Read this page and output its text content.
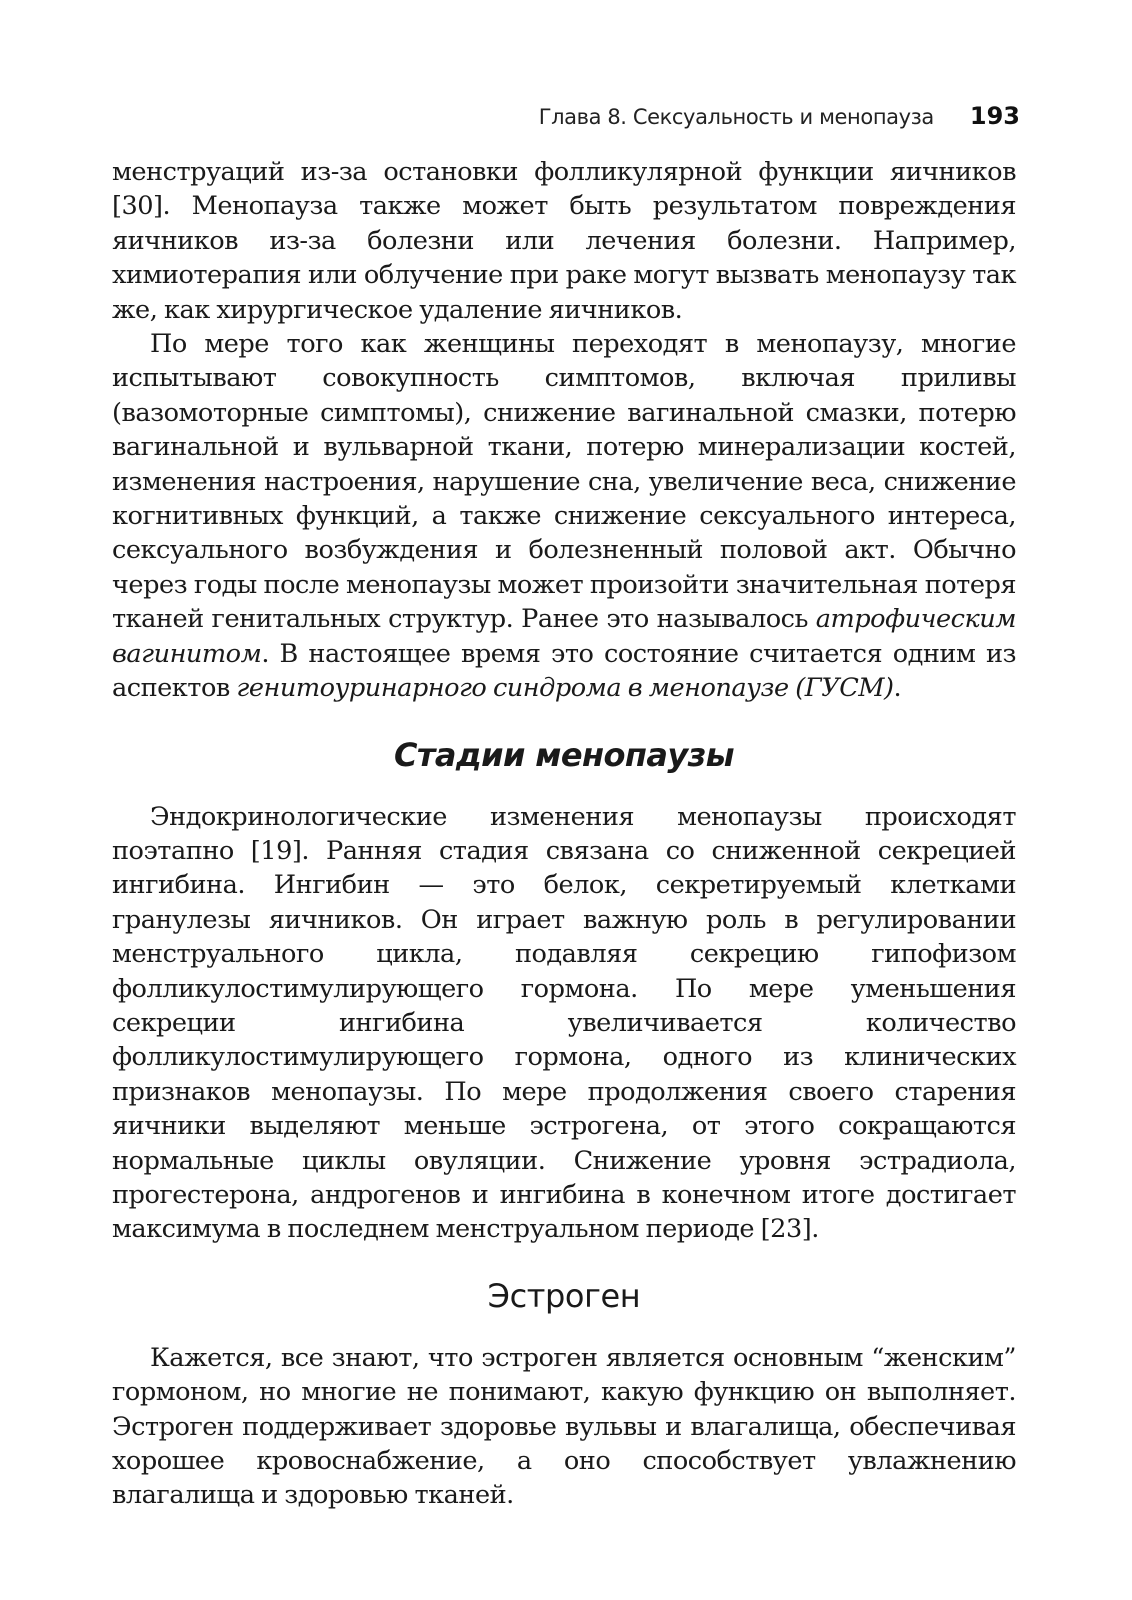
Глава 8. Сексуальность и менопауза 193

менструаций из-за остановки фолликулярной функции яичников [30]. Менопауза также может быть результатом повреждения яичников из-за болезни или лечения болезни. Например, химиотерапия или облучение при раке могут вызвать менопаузу так же, как хирургическое удаление яичников.

По мере того как женщины переходят в менопаузу, многие испытывают совокупность симптомов, включая приливы (вазомоторные симптомы), снижение вагинальной смазки, потерю вагинальной и вульварной ткани, потерю минерализации костей, изменения настроения, нарушение сна, увеличение веса, снижение когнитивных функций, а также снижение сексуального интереса, сексуального возбуждения и болезненный половой акт. Обычно через годы после менопаузы может произойти значительная потеря тканей генитальных структур. Ранее это называлось атрофическим вагинитом. В настоящее время это состояние считается одним из аспектов генитоуринарного синдрома в менопаузе (ГУСМ).

Стадии менопаузы

Эндокринологические изменения менопаузы происходят поэтапно [19]. Ранняя стадия связана со сниженной секрецией ингибина. Ингибин — это белок, секретируемый клетками гранулезы яичников. Он играет важную роль в регулировании менструального цикла, подавляя секрецию гипофизом фолликулостимулирующего гормона. По мере уменьшения секреции ингибина увеличивается количество фолликулостимулирующего гормона, одного из клинических признаков менопаузы. По мере продолжения своего старения яичники выделяют меньше эстрогена, от этого сокращаются нормальные циклы овуляции. Снижение уровня эстрадиола, прогестерона, андрогенов и ингибина в конечном итоге достигает максимума в последнем менструальном периоде [23].

Эстроген

Кажется, все знают, что эстроген является основным “женским” гормоном, но многие не понимают, какую функцию он выполняет. Эстроген поддерживает здоровье вульвы и влагалища, обеспечивая хорошее кровоснабжение, а оно способствует увлажнению влагалища и здоровью тканей.
